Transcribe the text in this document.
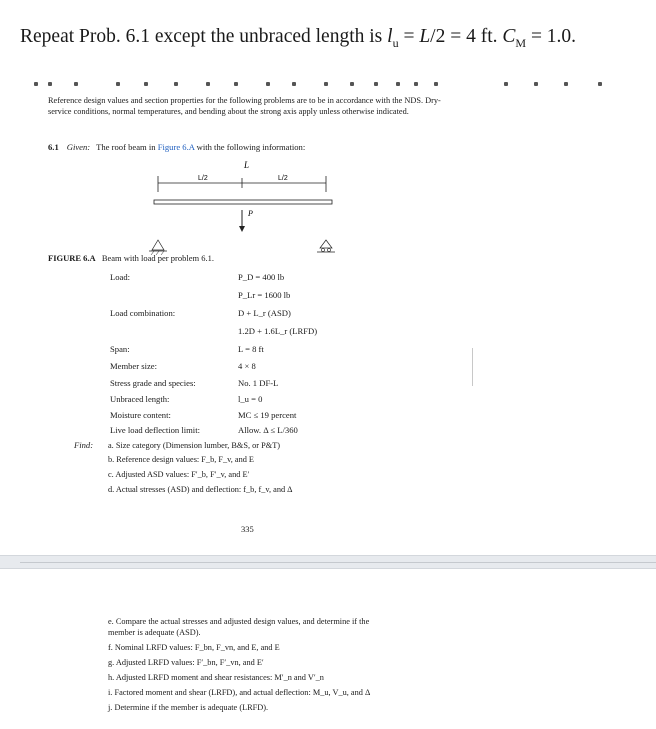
Repeat Prob. 6.1 except the unbraced length is $l_u = L/2 = 4$ ft. $C_M = 1.0$.
Reference design values and section properties for the following problems are to be in accordance with the NDS. Dry-service conditions, normal temperatures, and bending about the strong axis apply unless otherwise indicated.
6.1 Given: The roof beam in Figure 6.A with the following information:
L
L/2	L/2
P
FIGURE 6.A Beam with load per problem 6.1.
Load:	P_D = 400 lb
P_Lr = 1600 lb
Load combination:	D + L_r (ASD)
1.2D + 1.6L_r (LRFD)
Span:	L = 8 ft
Member size:	4 × 8
Stress grade and species:	No. 1 DF-L
Unbraced length:	l_u = 0
Moisture content:	MC ≤ 19 percent
Live load deflection limit:	Allow. Δ ≤ L/360
Find: a. Size category (Dimension lumber, B&S, or P&T)
b. Reference design values: F_b, F_v, and E
c. Adjusted ASD values: F′_b, F′_v, and E′
d. Actual stresses (ASD) and deflection: f_b, f_v, and Δ
335
e. Compare the actual stresses and adjusted design values, and determine if the
member is adequate (ASD).
f. Nominal LRFD values: F_bn, F_vn, and E, and E
g. Adjusted LRFD values: F′_bn, F′_vn, and E′
h. Adjusted LRFD moment and shear resistances: M′_n and V′_n
i. Factored moment and shear (LRFD), and actual deflection: M_u, V_u, and Δ
j. Determine if the member is adequate (LRFD).
